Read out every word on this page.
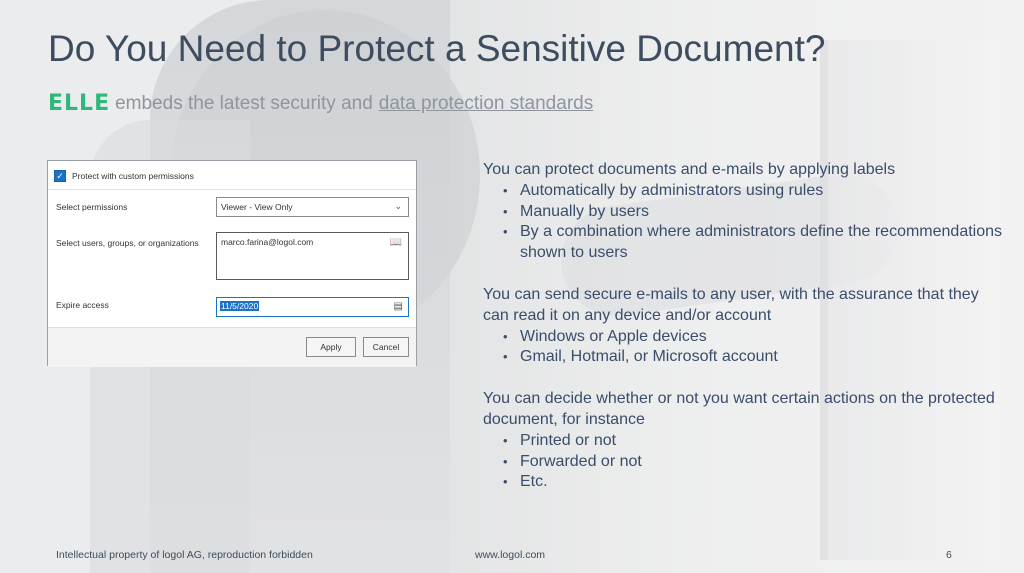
Do You Need to Protect a Sensitive Document?
ELLE embeds the latest security and data protection standards
✓ Protect with custom permissions
Select permissions	Viewer - View Only	⌄
Select users, groups, or organizations	marco.farina@logol.com	📖
Expire access	11/5/2020	▤
Apply	Cancel

You can protect documents and e-mails by applying labels

• Automatically by administrators using rules
• Manually by users
• By a combination where administrators define the recommendations shown to users

You can send secure e-mails to any user, with the assurance that they can read it on any device and/or account

• Windows or Apple devices
• Gmail, Hotmail, or Microsoft account

You can decide whether or not you want certain actions on the protected document, for instance

• Printed or not
• Forwarded or not
• Etc.
Intellectual property of logol AG, reproduction forbidden	www.logol.com	6
